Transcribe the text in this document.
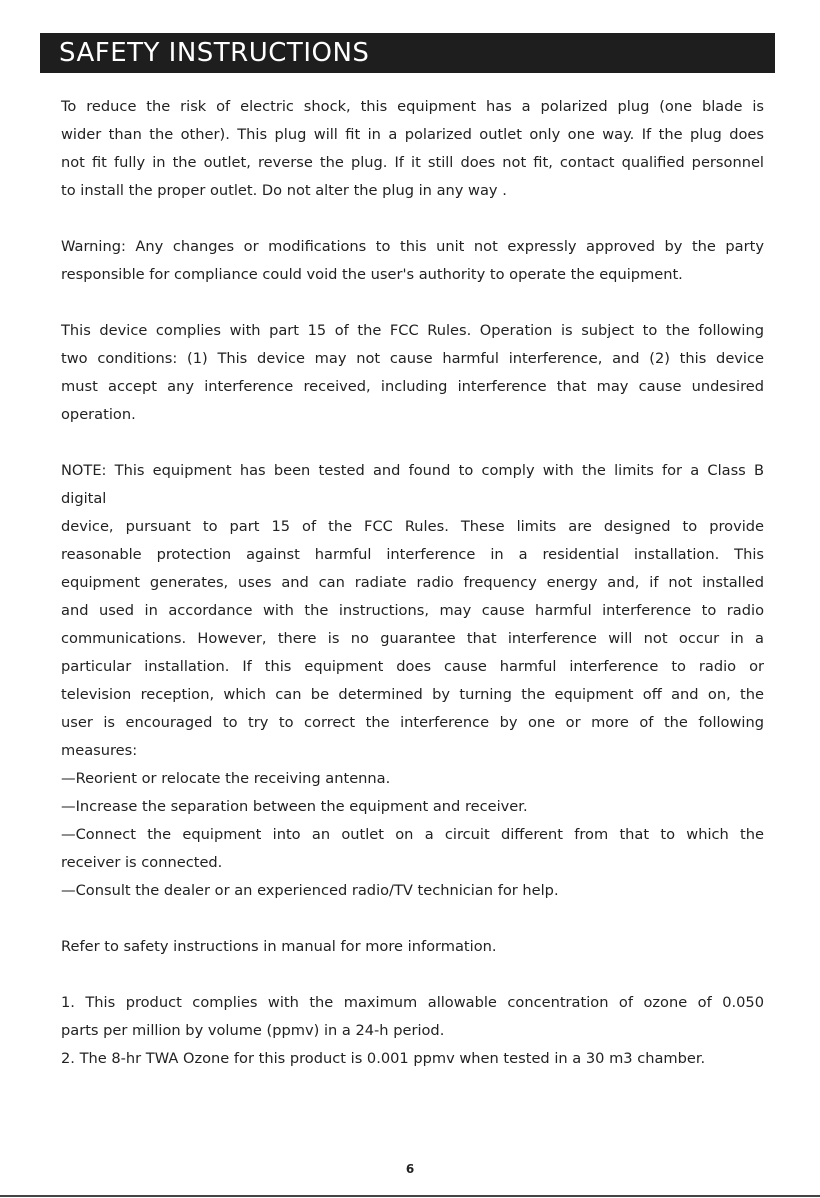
SAFETY INSTRUCTIONS
To reduce the risk of electric shock, this equipment has a polarized plug (one blade is
wider than the other). This plug will fit in a polarized outlet only one way. If the plug does
not fit fully in the outlet, reverse the plug. If it still does not fit, contact qualified personnel
to install the proper outlet. Do not alter the plug in any way .
Warning: Any changes or modifications to this unit not expressly approved by the party
responsible for compliance could void the user's authority to operate the equipment.
This device complies with part 15 of the FCC Rules. Operation is subject to the following
two conditions: (1) This device may not cause harmful interference, and (2) this device
must accept any interference received, including interference that may cause undesired
operation.
NOTE: This equipment has been tested and found to comply with the limits for a Class B
digital
device, pursuant to part 15 of the FCC Rules. These limits are designed to provide
reasonable protection against harmful interference in a residential installation. This
equipment generates, uses and can radiate radio frequency energy and, if not installed
and used in accordance with the instructions, may cause harmful interference to radio
communications. However, there is no guarantee that interference will not occur in a
particular installation. If this equipment does cause harmful interference to radio or
television reception, which can be determined by turning the equipment off and on, the
user is encouraged to try to correct the interference by one or more of the following
measures:
—Reorient or relocate the receiving antenna.
—Increase the separation between the equipment and receiver.
—Connect the equipment into an outlet on a circuit different from that to which the
receiver is connected.
—Consult the dealer or an experienced radio/TV technician for help.
Refer to safety instructions in manual for more information.
1. This product complies with the maximum allowable concentration of ozone of 0.050
parts per million by volume (ppmv) in a 24-h period.
2. The 8-hr TWA Ozone for this product is 0.001 ppmv when tested in a 30 m3 chamber.
6
